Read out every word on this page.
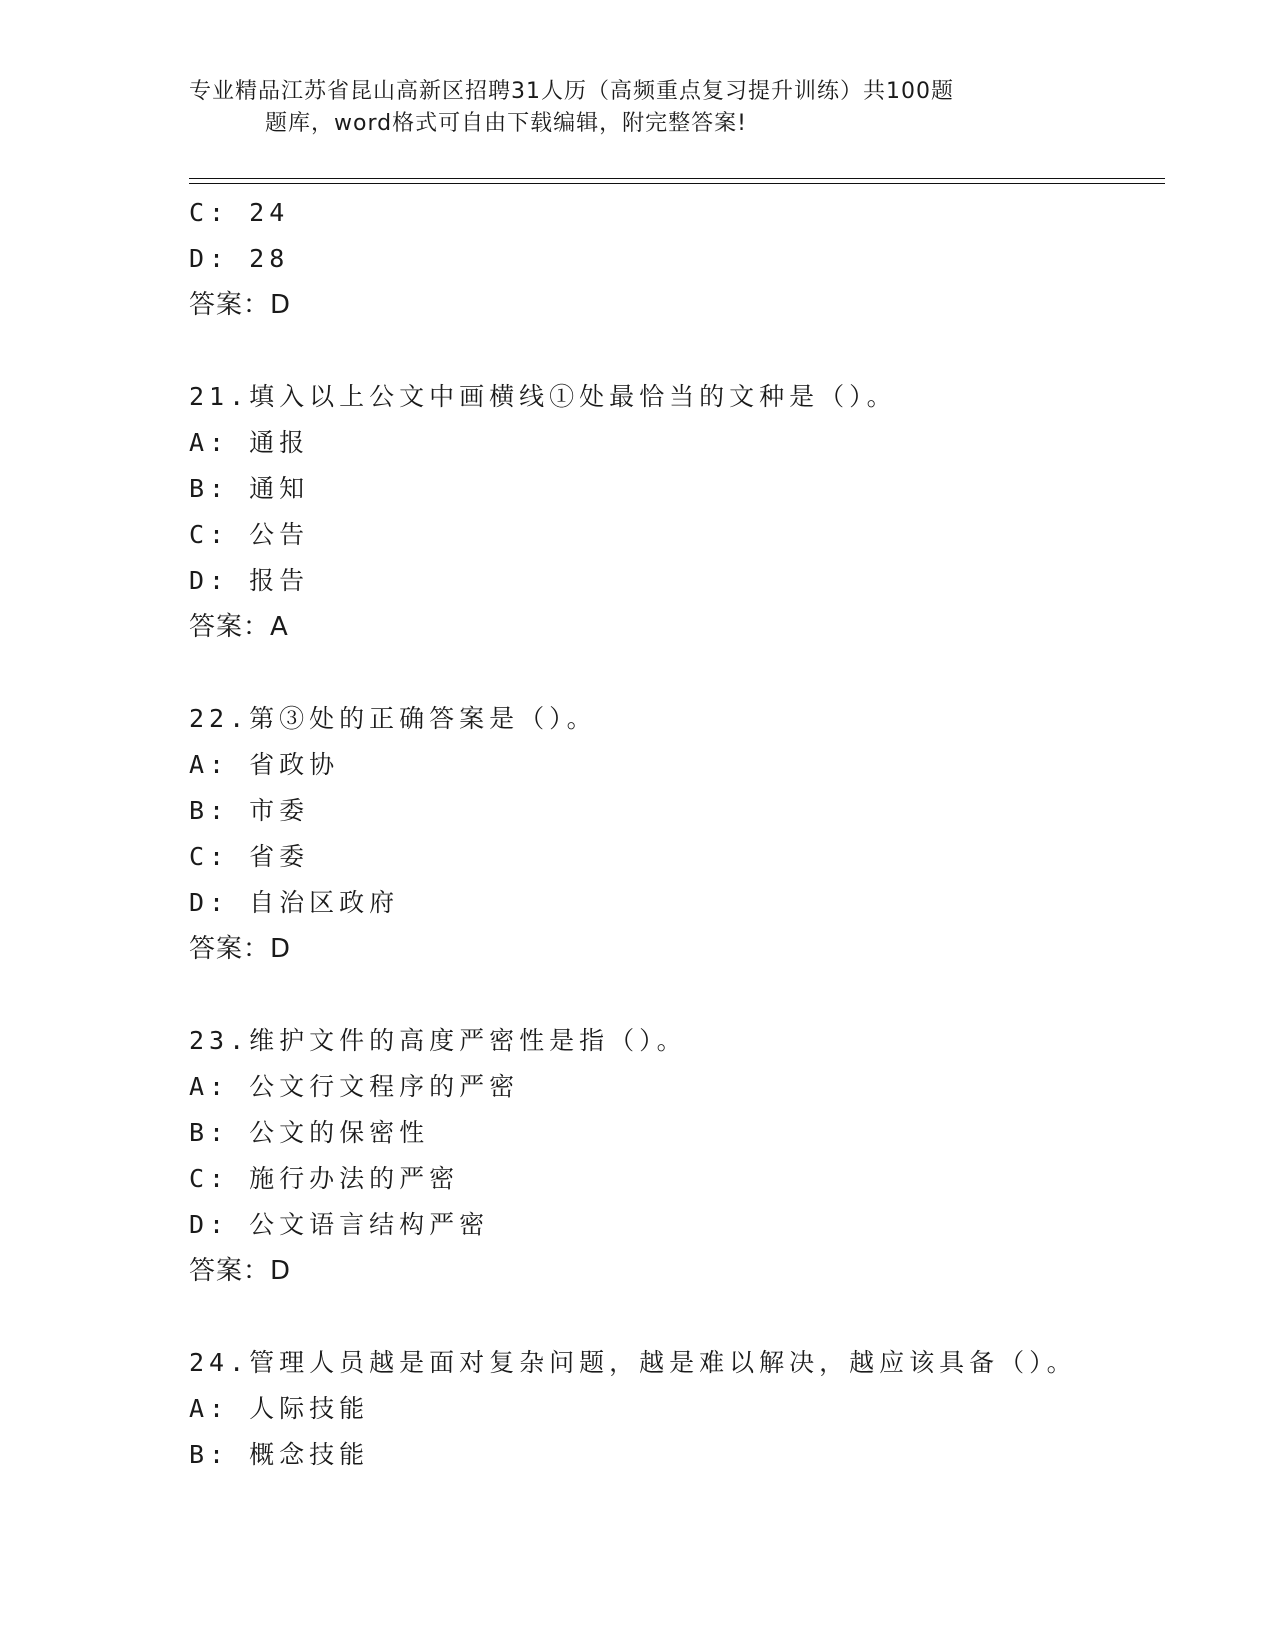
专业精品江苏省昆山高新区招聘31人历（高频重点复习提升训练）共100题
题库，word格式可自由下载编辑，附完整答案!
C: 24
D: 28
答案：D
21.填入以上公文中画横线①处最恰当的文种是（）。
A: 通报
B: 通知
C: 公告
D: 报告
答案：A
22.第③处的正确答案是（）。
A: 省政协
B: 市委
C: 省委
D: 自治区政府
答案：D
23.维护文件的高度严密性是指（）。
A: 公文行文程序的严密
B: 公文的保密性
C: 施行办法的严密
D: 公文语言结构严密
答案：D
24.管理人员越是面对复杂问题，越是难以解决，越应该具备（）。
A: 人际技能
B: 概念技能
